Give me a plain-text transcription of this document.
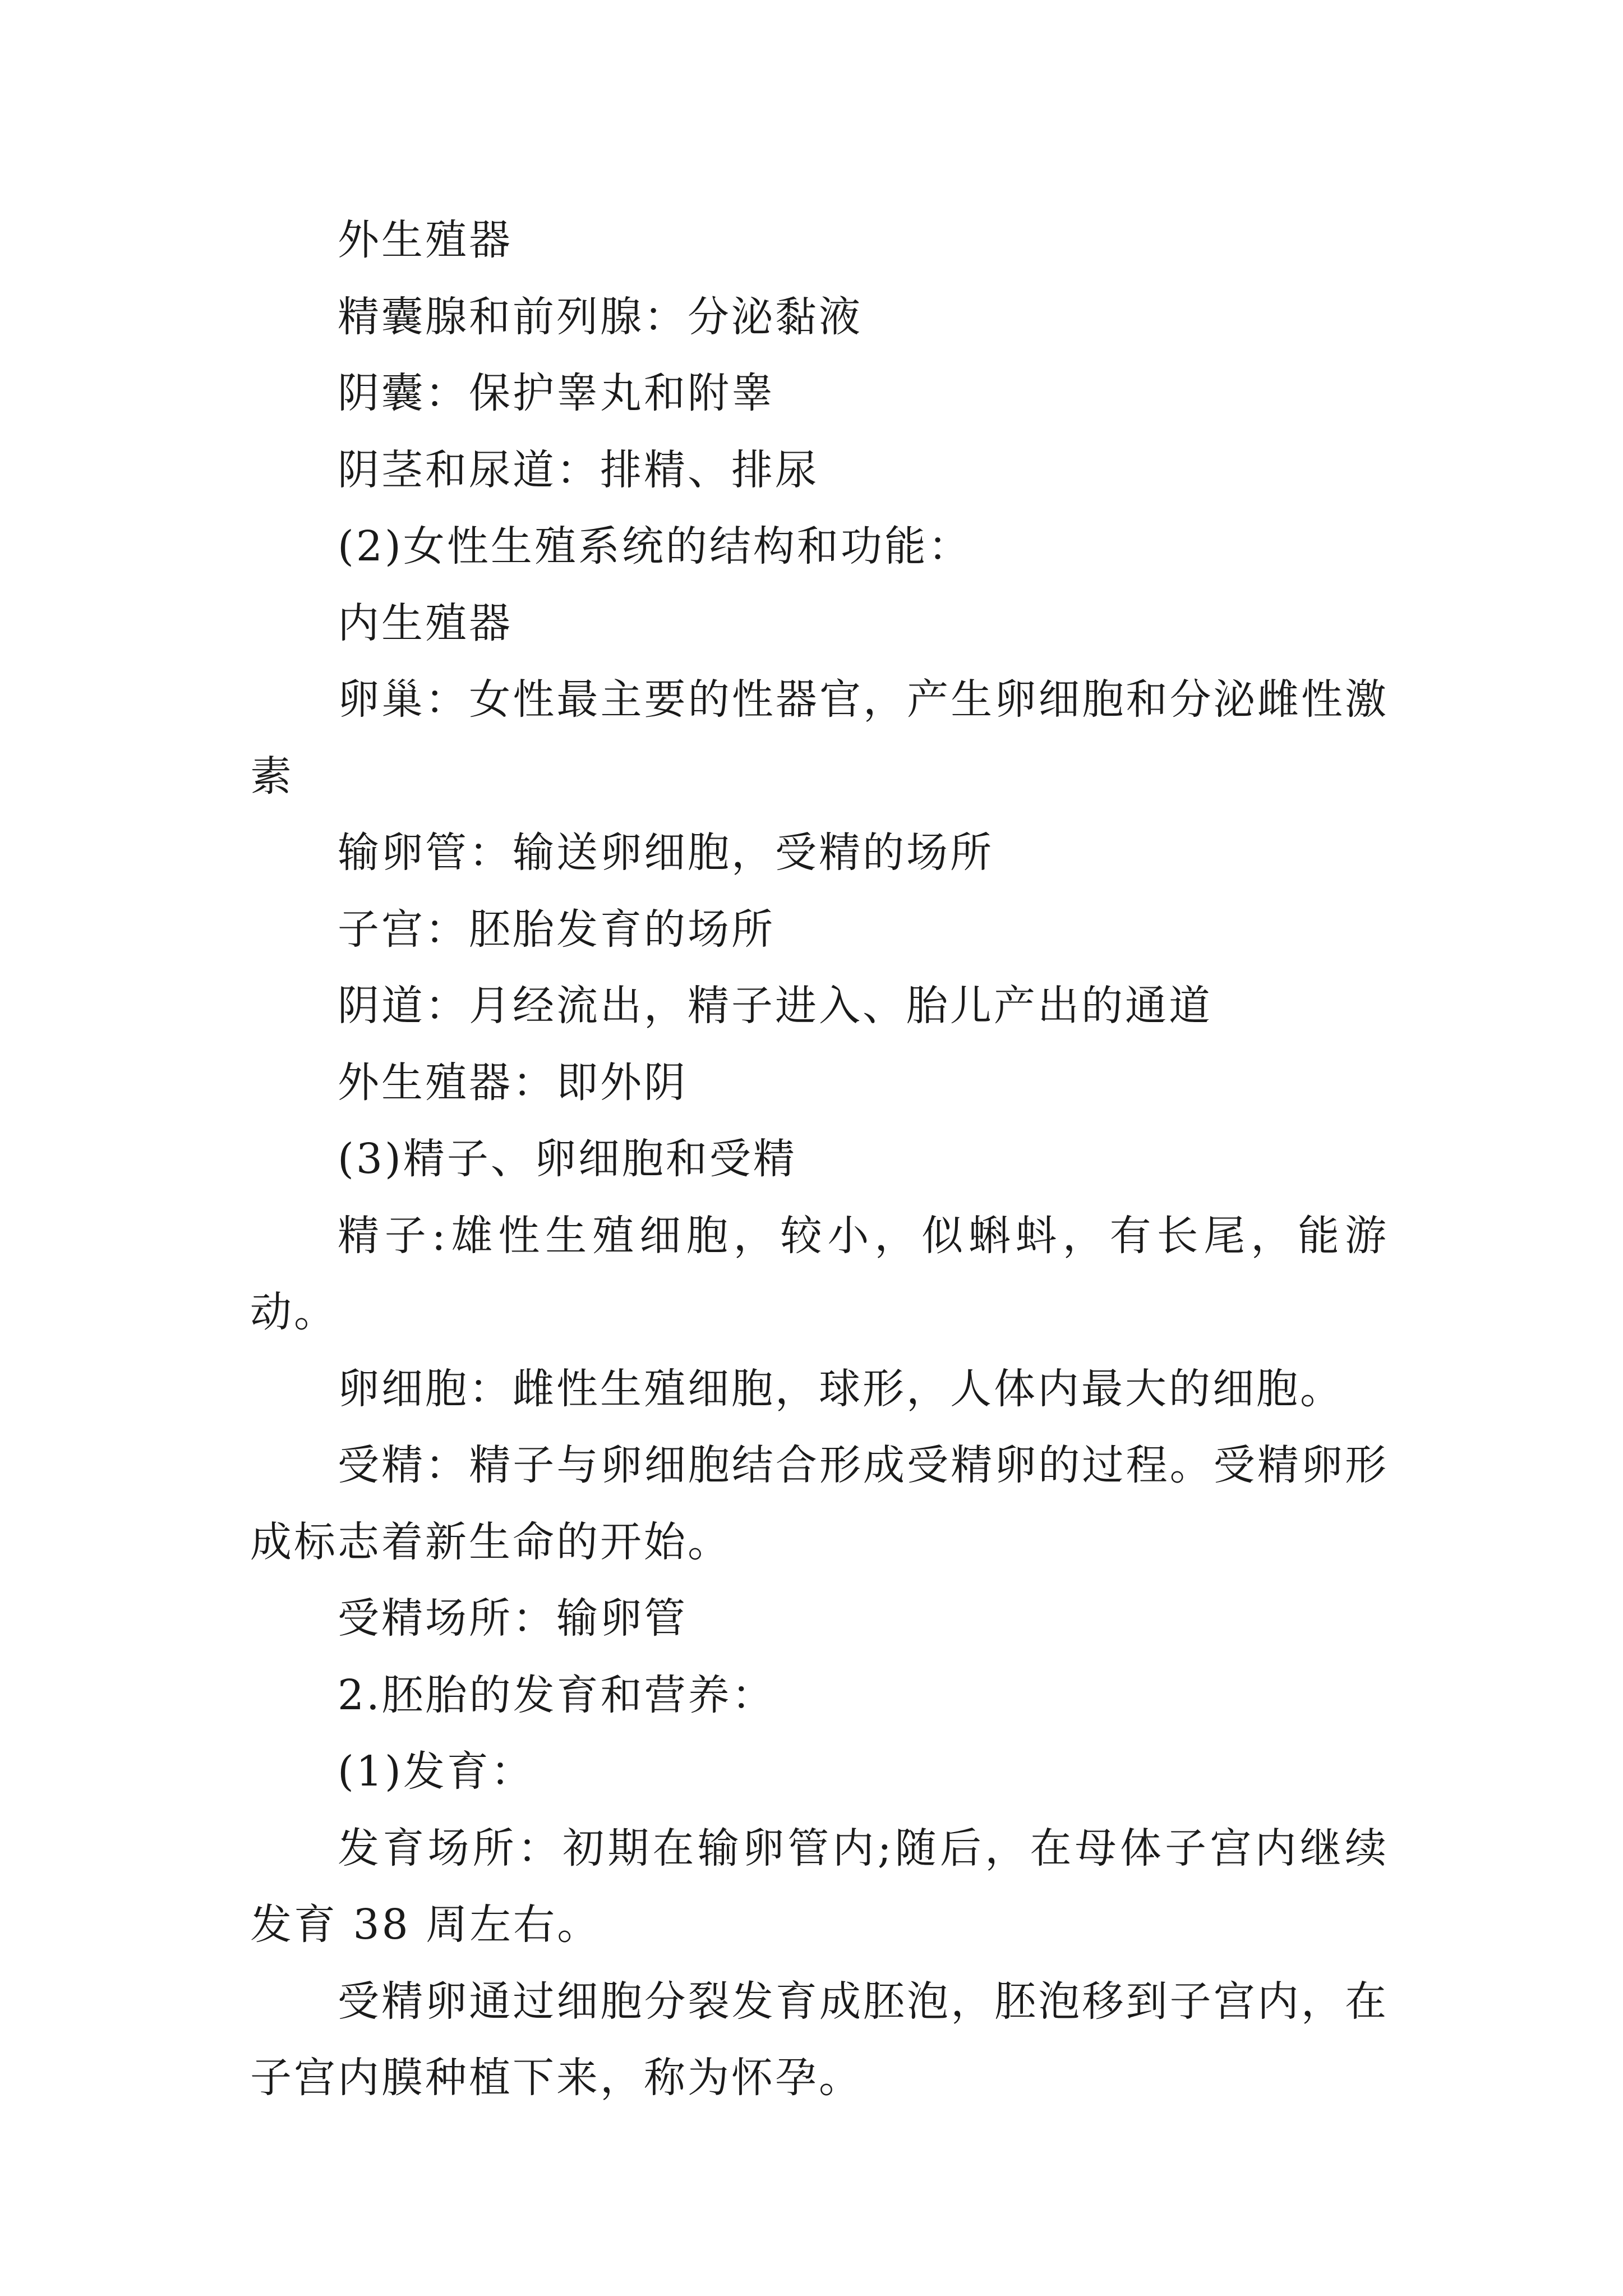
外生殖器

精囊腺和前列腺：分泌黏液

阴囊：保护睾丸和附睾

阴茎和尿道：排精、排尿

(2)女性生殖系统的结构和功能：

内生殖器

卵巢：女性最主要的性器官，产生卵细胞和分泌雌性激素

输卵管：输送卵细胞，受精的场所

子宫：胚胎发育的场所

阴道：月经流出，精子进入、胎儿产出的通道

外生殖器：即外阴

(3)精子、卵细胞和受精

精子:雄性生殖细胞，较小，似蝌蚪，有长尾，能游动。

卵细胞：雌性生殖细胞，球形，人体内最大的细胞。

受精：精子与卵细胞结合形成受精卵的过程。受精卵形成标志着新生命的开始。

受精场所：输卵管

2.胚胎的发育和营养：

(1)发育：

发育场所：初期在输卵管内;随后，在母体子宫内继续发育 38 周左右。

受精卵通过细胞分裂发育成胚泡，胚泡移到子宫内，在子宫内膜种植下来，称为怀孕。
